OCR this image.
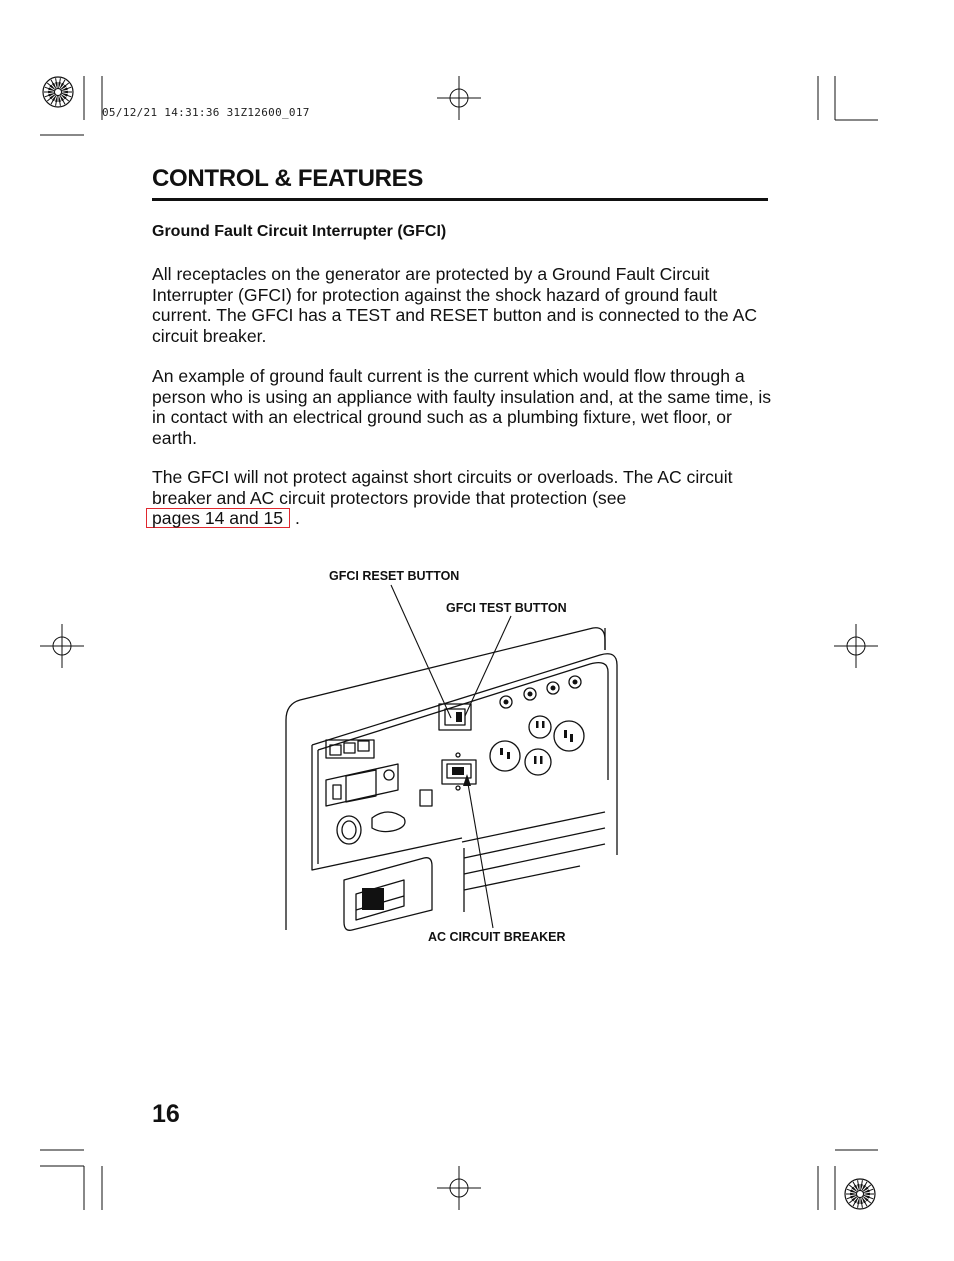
05/12/21 14:31:36 31Z12600_017
CONTROL & FEATURES
Ground Fault Circuit Interrupter (GFCI)

All receptacles on the generator are protected by a Ground Fault Circuit Interrupter (GFCI) for protection against the shock hazard of ground fault current. The GFCI has a TEST and RESET button and is connected to the AC circuit breaker.

An example of ground fault current is the current which would flow through a person who is using an appliance with faulty insulation and, at the same time, is in contact with an electrical ground such as a plumbing fixture, wet floor, or earth.

The GFCI will not protect against short circuits or overloads. The AC circuit breaker and AC circuit protectors provide that protection (see
pages 14 and 15 .

GFCI RESET BUTTON
GFCI TEST BUTTON
AC CIRCUIT BREAKER
16
